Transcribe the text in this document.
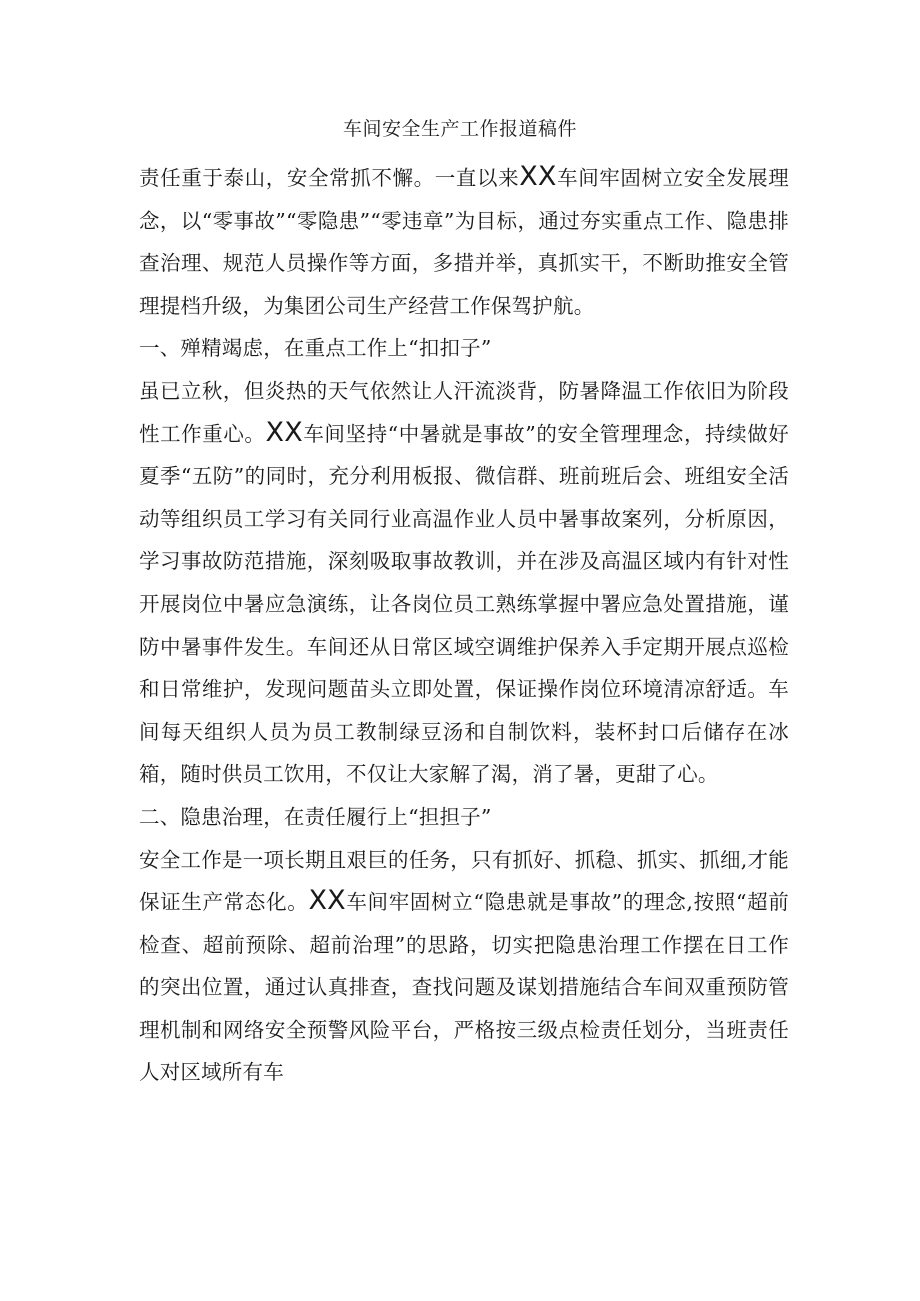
车间安全生产工作报道稿件

责任重于泰山，安全常抓不懈。一直以来XX车间牢固树立安全发展理念，以“零事故”“零隐患”“零违章”为目标，通过夯实重点工作、隐患排查治理、规范人员操作等方面，多措并举，真抓实干，不断助推安全管理提档升级，为集团公司生产经营工作保驾护航。

一、殚精竭虑，在重点工作上“扣扣子”

虽已立秋，但炎热的天气依然让人汗流淡背，防暑降温工作依旧为阶段性工作重心。XX车间坚持“中暑就是事故”的安全管理理念，持续做好夏季“五防”的同时，充分利用板报、微信群、班前班后会、班组安全活动等组织员工学习有关同行业高温作业人员中暑事故案列，分析原因，学习事故防范措施，深刻吸取事故教训，并在涉及高温区域内有针对性开展岗位中暑应急演练，让各岗位员工熟练掌握中署应急处置措施，谨防中暑事件发生。车间还从日常区域空调维护保养入手定期开展点巡检和日常维护，发现问题苗头立即处置，保证操作岗位环境清凉舒适。车间每天组织人员为员工教制绿豆汤和自制饮料，装杯封口后储存在冰箱，随时供员工饮用，不仅让大家解了渴，消了暑，更甜了心。

二、隐患治理，在责任履行上“担担子”

安全工作是一项长期且艰巨的任务，只有抓好、抓稳、抓实、抓细,才能保证生产常态化。XX车间牢固树立“隐患就是事故”的理念,按照“超前检查、超前预除、超前治理”的思路，切实把隐患治理工作摆在日工作的突出位置，通过认真排查，查找问题及谋划措施结合车间双重预防管理机制和网络安全预警风险平台，严格按三级点检责任划分，当班责任人对区域所有车
